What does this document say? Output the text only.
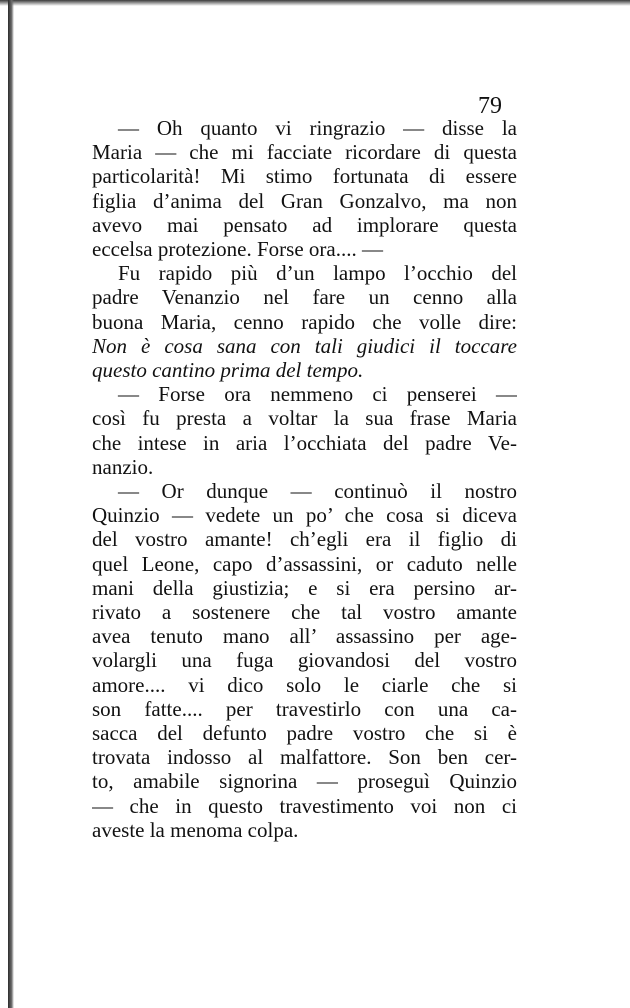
79
— Oh quanto vi ringrazio — disse la
Maria — che mi facciate ricordare di questa
particolarità! Mi stimo fortunata di essere
figlia d’anima del Gran Gonzalvo, ma non
avevo mai pensato ad implorare questa
eccelsa protezione. Forse ora.... —
Fu rapido più d’un lampo l’occhio del
padre Venanzio nel fare un cenno alla
buona Maria, cenno rapido che volle dire:
Non è cosa sana con tali giudici il toccare
questo cantino prima del tempo.
— Forse ora nemmeno ci penserei —
così fu presta a voltar la sua frase Maria
che intese in aria l’occhiata del padre Ve-
nanzio.
— Or dunque — continuò il nostro
Quinzio — vedete un po’ che cosa si diceva
del vostro amante! ch’egli era il figlio di
quel Leone, capo d’assassini, or caduto nelle
mani della giustizia; e si era persino ar-
rivato a sostenere che tal vostro amante
avea tenuto mano all’ assassino per age-
volargli una fuga giovandosi del vostro
amore.... vi dico solo le ciarle che si
son fatte.... per travestirlo con una ca-
sacca del defunto padre vostro che si è
trovata indosso al malfattore. Son ben cer-
to, amabile signorina — proseguì Quinzio
— che in questo travestimento voi non ci
aveste la menoma colpa.
